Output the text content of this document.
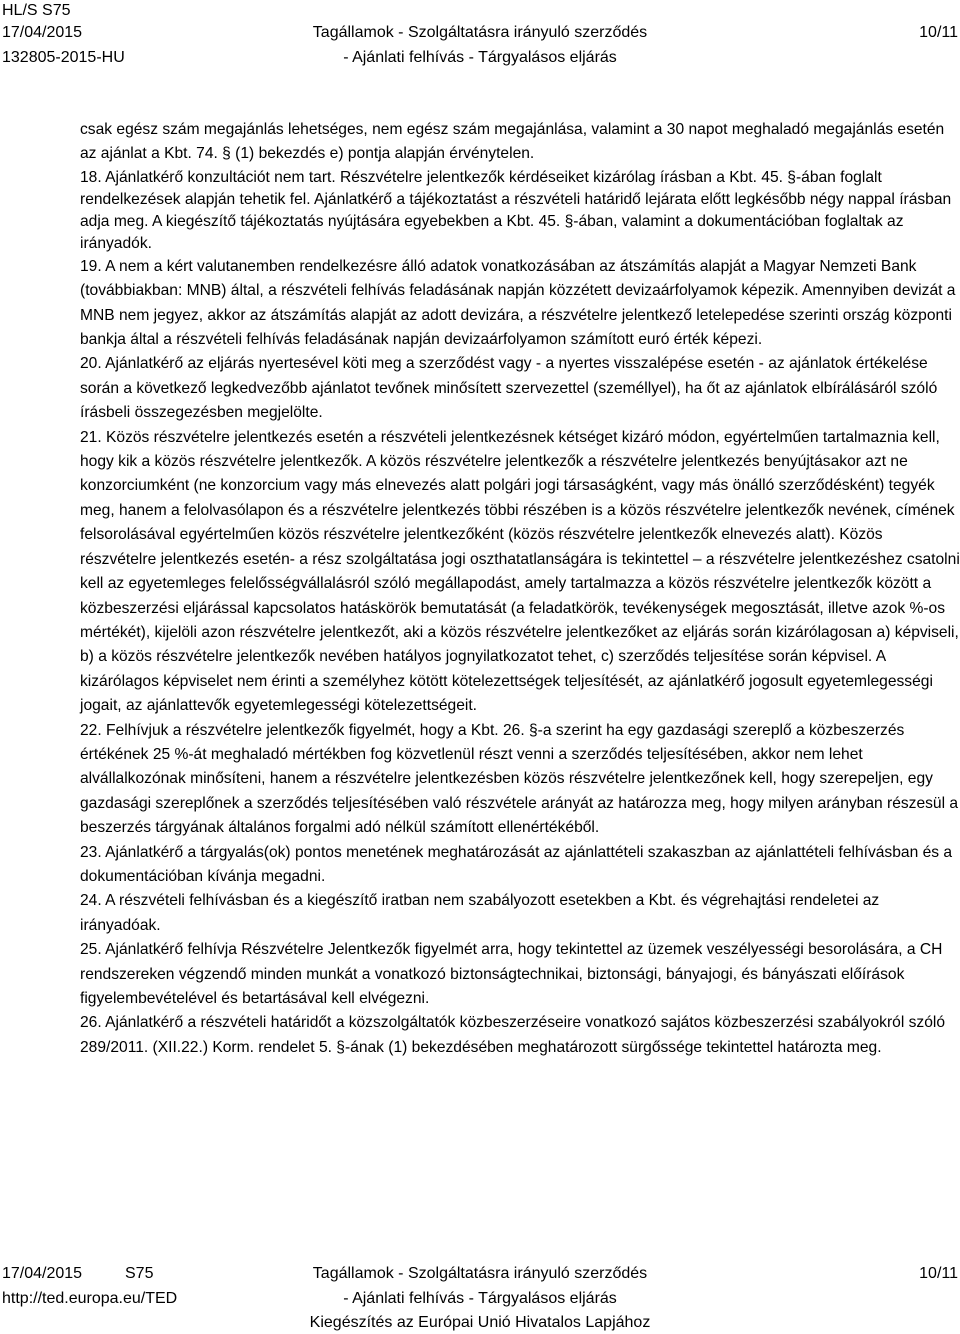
HL/S S75
17/04/2015
132805-2015-HU
Tagállamok - Szolgáltatásra irányuló szerződés
- Ajánlati felhívás - Tárgyalásos eljárás
10/11

csak egész szám megajánlás lehetséges, nem egész szám megajánlása, valamint a 30 napot meghaladó megajánlás esetén az ajánlat a Kbt. 74. § (1) bekezdés e) pontja alapján érvénytelen.

18. Ajánlatkérő konzultációt nem tart. Részvételre jelentkezők kérdéseiket kizárólag írásban a Kbt. 45. §-ában foglalt rendelkezések alapján tehetik fel. Ajánlatkérő a tájékoztatást a részvételi határidő lejárata előtt legkésőbb négy nappal írásban adja meg. A kiegészítő tájékoztatás nyújtására egyebekben a Kbt. 45. §-ában, valamint a dokumentációban foglaltak az irányadók.

19. A nem a kért valutanemben rendelkezésre álló adatok vonatkozásában az átszámítás alapját a Magyar Nemzeti Bank (továbbiakban: MNB) által, a részvételi felhívás feladásának napján közzétett devizaárfolyamok képezik. Amennyiben devizát a MNB nem jegyez, akkor az átszámítás alapját az adott devizára, a részvételre jelentkező letelepedése szerinti ország központi bankja által a részvételi felhívás feladásának napján devizaárfolyamon számított euró érték képezi.

20. Ajánlatkérő az eljárás nyertesével köti meg a szerződést vagy - a nyertes visszalépése esetén - az ajánlatok értékelése során a következő legkedvezőbb ajánlatot tevőnek minősített szervezettel (személlyel), ha őt az ajánlatok elbírálásáról szóló írásbeli összegezésben megjelölte.

21. Közös részvételre jelentkezés esetén a részvételi jelentkezésnek kétséget kizáró módon, egyértelműen tartalmaznia kell, hogy kik a közös részvételre jelentkezők. A közös részvételre jelentkezők a részvételre jelentkezés benyújtásakor azt ne konzorciumként (ne konzorcium vagy más elnevezés alatt polgári jogi társaságként, vagy más önálló szerződésként) tegyék meg, hanem a felolvasólapon és a részvételre jelentkezés többi részében is a közös részvételre jelentkezők nevének, címének felsorolásával egyértelműen közös részvételre jelentkezőként (közös részvételre jelentkezők elnevezés alatt). Közös részvételre jelentkezés esetén- a rész szolgáltatása jogi oszthatatlanságára is tekintettel – a részvételre jelentkezéshez csatolni kell az egyetemleges felelősségvállalásról szóló megállapodást, amely tartalmazza a közös részvételre jelentkezők között a közbeszerzési eljárással kapcsolatos hatáskörök bemutatását (a feladatkörök, tevékenységek megosztását, illetve azok %-os mértékét), kijelöli azon részvételre jelentkezőt, aki a közös részvételre jelentkezőket az eljárás során kizárólagosan a) képviseli, b) a közös részvételre jelentkezők nevében hatályos jognyilatkozatot tehet, c) szerződés teljesítése során képvisel. A kizárólagos képviselet nem érinti a személyhez kötött kötelezettségek teljesítését, az ajánlatkérő jogosult egyetemlegességi jogait, az ajánlattevők egyetemlegességi kötelezettségeit.

22. Felhívjuk a részvételre jelentkezők figyelmét, hogy a Kbt. 26. §-a szerint ha egy gazdasági szereplő a közbeszerzés értékének 25 %-át meghaladó mértékben fog közvetlenül részt venni a szerződés teljesítésében, akkor nem lehet alvállalkozónak minősíteni, hanem a részvételre jelentkezésben közös részvételre jelentkezőnek kell, hogy szerepeljen, egy gazdasági szereplőnek a szerződés teljesítésében való részvétele arányát az határozza meg, hogy milyen arányban részesül a beszerzés tárgyának általános forgalmi adó nélkül számított ellenértékéből.

23. Ajánlatkérő a tárgyalás(ok) pontos menetének meghatározását az ajánlattételi szakaszban az ajánlattételi felhívásban és a dokumentációban kívánja megadni.

24. A részvételi felhívásban és a kiegészítő iratban nem szabályozott esetekben a Kbt. és végrehajtási rendeletei az irányadóak.

25. Ajánlatkérő felhívja Részvételre Jelentkezők figyelmét arra, hogy tekintettel az üzemek veszélyességi besorolására, a CH rendszereken végzendő minden munkát a vonatkozó biztonságtechnikai, biztonsági, bányajogi, és bányászati előírások figyelembevételével és betartásával kell elvégezni.

26. Ajánlatkérő a részvételi határidőt a közszolgáltatók közbeszerzéseire vonatkozó sajátos közbeszerzési szabályokról szóló 289/2011. (XII.22.) Korm. rendelet 5. §-ának (1) bekezdésében meghatározott sürgőssége tekintettel határozta meg.

17/04/2015	S75
http://ted.europa.eu/TED
Tagállamok - Szolgáltatásra irányuló szerződés
- Ajánlati felhívás - Tárgyalásos eljárás
Kiegészítés az Európai Unió Hivatalos Lapjához
10/11
